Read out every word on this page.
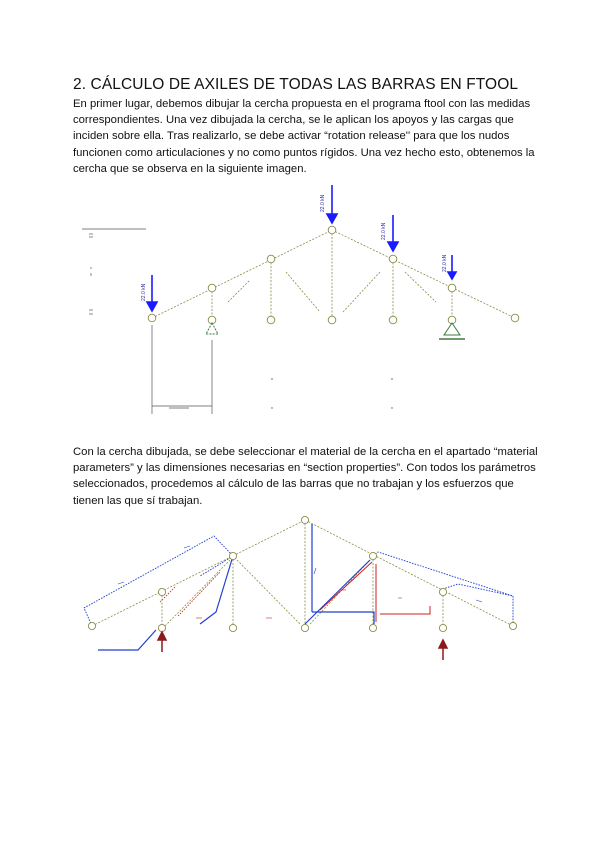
2. CÁLCULO DE AXILES DE TODAS LAS BARRAS EN FTOOL

En primer lugar, debemos dibujar la cercha propuesta en el programa ftool con las medidas
correspondientes. Una vez dibujada la cercha, se le aplican los apoyos y las cargas que
inciden sobre ella. Tras realizarlo, se debe activar “rotation release'' para que los nudos
funcionen como articulaciones y no como puntos rígidos. Una vez hecho esto, obtenemos la
cercha que se observa en la siguiente imagen.

22.0 kN
22.0 kN
22.0 kN
22.0 kN

Con la cercha dibujada, se debe seleccionar el material de la cercha en el apartado “material
parameters” y las dimensiones necesarias en “section properties”. Con todos los parámetros
seleccionados, procedemos al cálculo de las barras que no trabajan y los esfuerzos que
tienen las que sí trabajan.
